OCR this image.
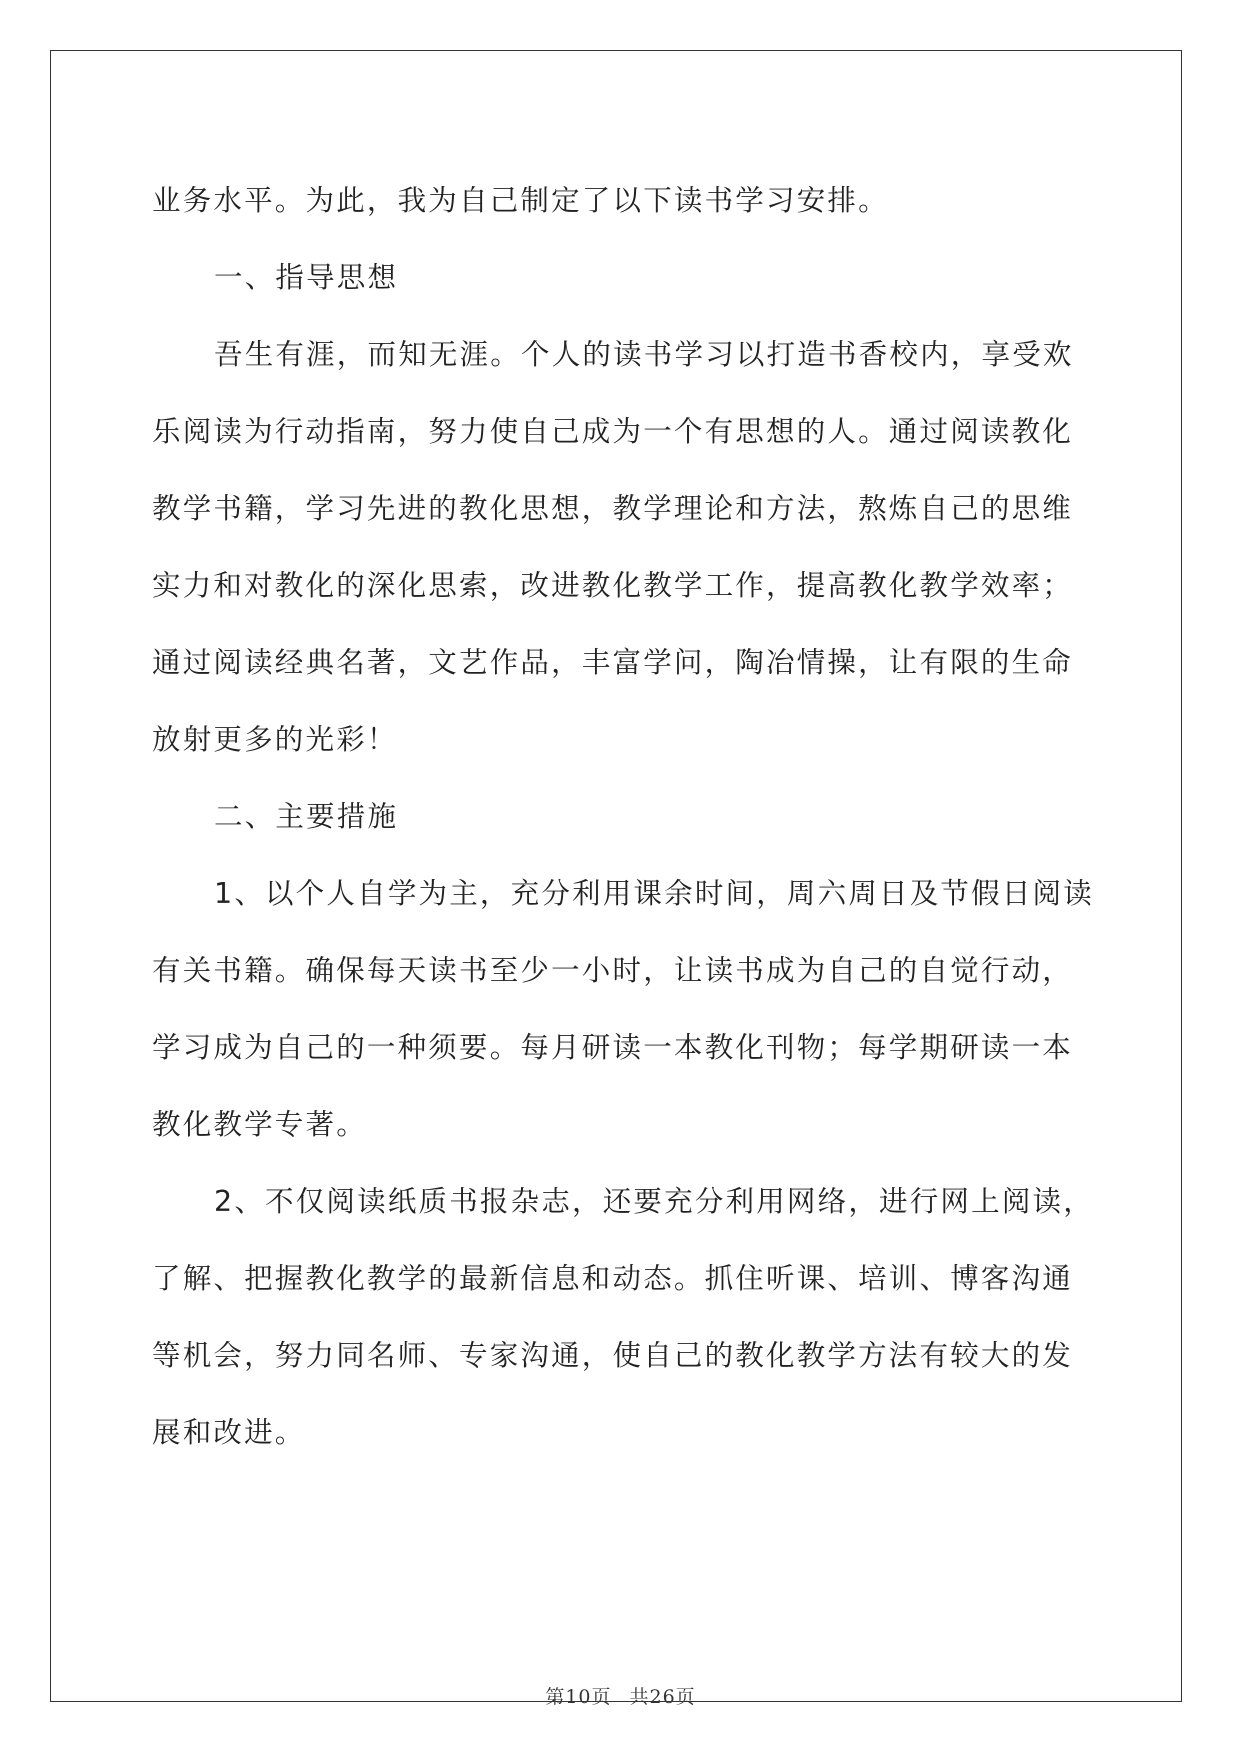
业务水平。为此，我为自己制定了以下读书学习安排。

一、指导思想

吾生有涯，而知无涯。个人的读书学习以打造书香校内，享受欢

乐阅读为行动指南，努力使自己成为一个有思想的人。通过阅读教化

教学书籍，学习先进的教化思想，教学理论和方法，熬炼自己的思维

实力和对教化的深化思索，改进教化教学工作，提高教化教学效率；

通过阅读经典名著，文艺作品，丰富学问，陶冶情操，让有限的生命

放射更多的光彩！

二、主要措施

1、以个人自学为主，充分利用课余时间，周六周日及节假日阅读

有关书籍。确保每天读书至少一小时，让读书成为自己的自觉行动，

学习成为自己的一种须要。每月研读一本教化刊物；每学期研读一本

教化教学专著。

2、不仅阅读纸质书报杂志，还要充分利用网络，进行网上阅读，

了解、把握教化教学的最新信息和动态。抓住听课、培训、博客沟通

等机会，努力同名师、专家沟通，使自己的教化教学方法有较大的发

展和改进。

第10页 共26页
